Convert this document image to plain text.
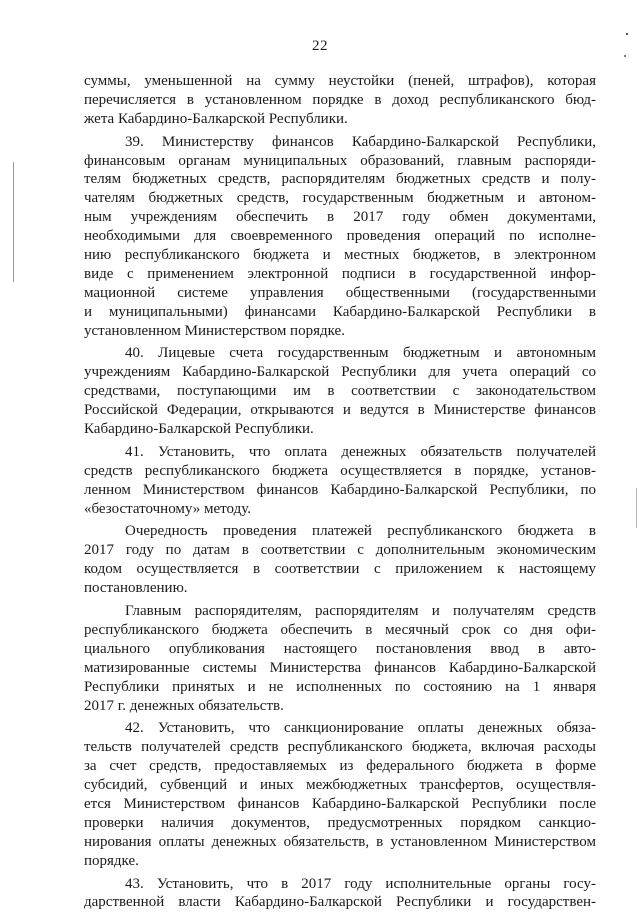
22
суммы, уменьшенной на сумму неустойки (пеней, штрафов), которая
перечисляется в установленном порядке в доход республиканского бюд-
жета Кабардино-Балкарской Республики.
39. Министерству финансов Кабардино-Балкарской Республики,
финансовым органам муниципальных образований, главным распоряди-
телям бюджетных средств, распорядителям бюджетных средств и полу-
чателям бюджетных средств, государственным бюджетным и автоном-
ным учреждениям обеспечить в 2017 году обмен документами,
необходимыми для своевременного проведения операций по исполне-
нию республиканского бюджета и местных бюджетов, в электронном
виде с применением электронной подписи в государственной инфор-
мационной системе управления общественными (государственными
и муниципальными) финансами Кабардино-Балкарской Республики в
установленном Министерством порядке.
40. Лицевые счета государственным бюджетным и автономным
учреждениям Кабардино-Балкарской Республики для учета операций со
средствами, поступающими им в соответствии с законодательством
Российской Федерации, открываются и ведутся в Министерстве финансов
Кабардино-Балкарской Республики.
41. Установить, что оплата денежных обязательств получателей
средств республиканского бюджета осуществляется в порядке, установ-
ленном Министерством финансов Кабардино-Балкарской Республики, по
«безостаточному» методу.
Очередность проведения платежей республиканского бюджета в
2017 году по датам в соответствии с дополнительным экономическим
кодом осуществляется в соответствии с приложением к настоящему
постановлению.
Главным распорядителям, распорядителям и получателям средств
республиканского бюджета обеспечить в месячный срок со дня офи-
циального опубликования настоящего постановления ввод в авто-
матизированные системы Министерства финансов Кабардино-Балкарской
Республики принятых и не исполненных по состоянию на 1 января
2017 г. денежных обязательств.
42. Установить, что санкционирование оплаты денежных обяза-
тельств получателей средств республиканского бюджета, включая расходы
за счет средств, предоставляемых из федерального бюджета в форме
субсидий, субвенций и иных межбюджетных трансфертов, осуществля-
ется Министерством финансов Кабардино-Балкарской Республики после
проверки наличия документов, предусмотренных порядком санкцио-
нирования оплаты денежных обязательств, в установленном Министерством
порядке.
43. Установить, что в 2017 году исполнительные органы госу-
дарственной власти Кабардино-Балкарской Республики и государствен-
